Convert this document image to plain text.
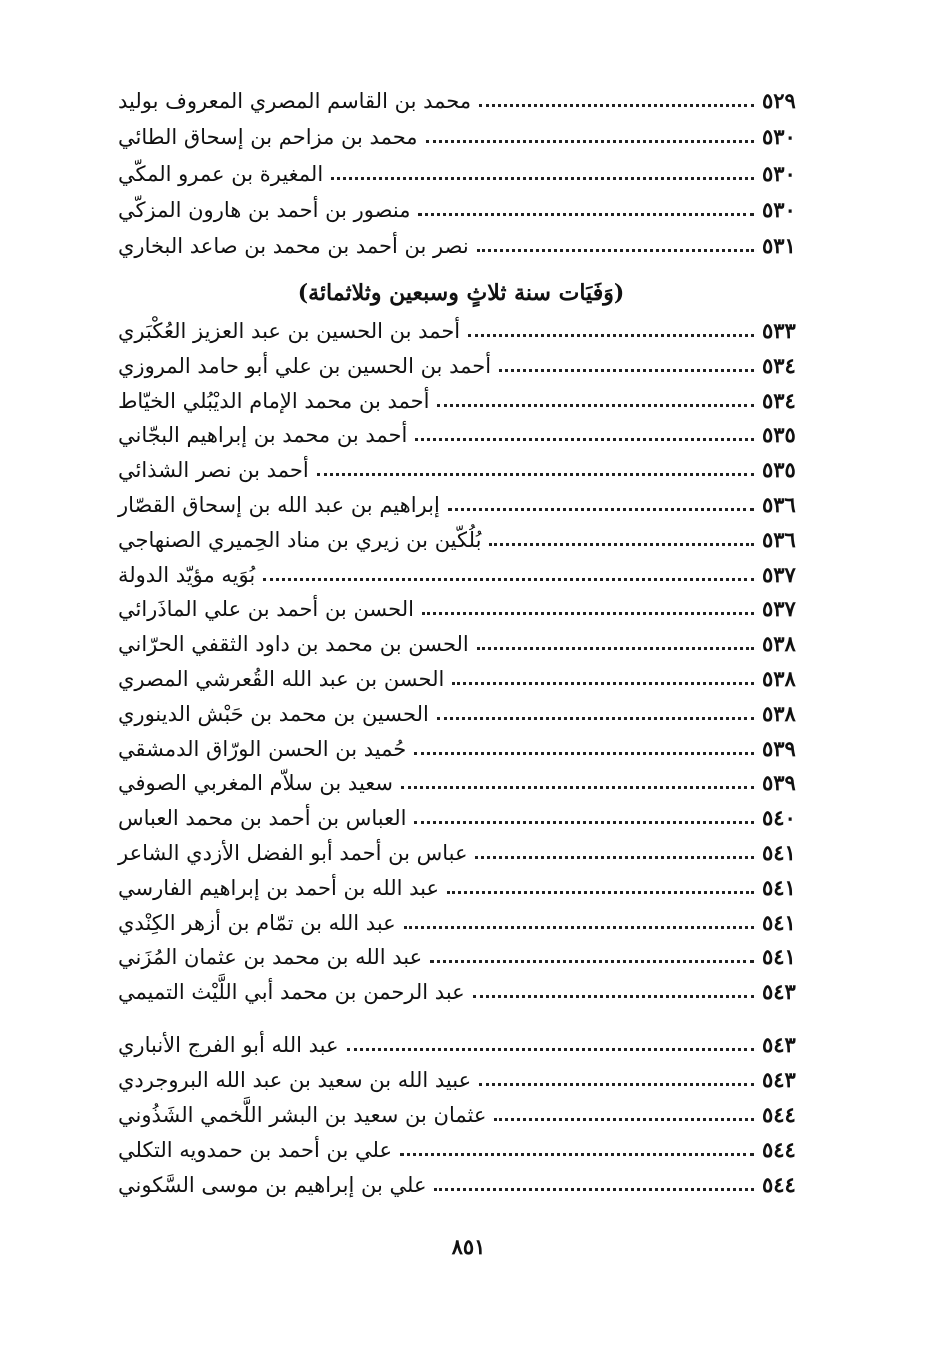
محمد بن القاسم المصري المعروف بوليد	٥٢٩
محمد بن مزاحم بن إسحاق الطائي	٥٣٠
المغيرة بن عمرو المكّي	٥٣٠
منصور بن أحمد بن هارون المزكّي	٥٣٠
نصر بن أحمد بن محمد بن صاعد البخاري	٥٣١
أحمد بن الحسين بن عبد العزيز العُكْبَري	٥٣٣
أحمد بن الحسين بن علي أبو حامد المروزي	٥٣٤
أحمد بن محمد الإمام الديْبُلي الخيّاط	٥٣٤
أحمد بن محمد بن إبراهيم البجّاني	٥٣٥
أحمد بن نصر الشذائي	٥٣٥
إبراهيم بن عبد الله بن إسحاق القصّار	٥٣٦
بُلُكّين بن زيري بن مناد الحِميري الصنهاجي	٥٣٦
بُوَيه مؤيّد الدولة	٥٣٧
الحسن بن أحمد بن علي الماذَرائي	٥٣٧
الحسن بن محمد بن داود الثقفي الحرّاني	٥٣٨
الحسن بن عبد الله القُعرشي المصري	٥٣٨
الحسين بن محمد بن حَبْش الدينوري	٥٣٨
حُميد بن الحسن الورّاق الدمشقي	٥٣٩
سعيد بن سلاّم المغربي الصوفي	٥٣٩
العباس بن أحمد بن محمد العباس	٥٤٠
عباس بن أحمد أبو الفضل الأزدي الشاعر	٥٤١
عبد الله بن أحمد بن إبراهيم الفارسي	٥٤١
عبد الله بن تمّام بن أزهر الكِنْدي	٥٤١
عبد الله بن محمد بن عثمان المُزَني	٥٤١
عبد الرحمن بن محمد أبي اللَّيْث التميمي	٥٤٣
عبد الله أبو الفرج الأنباري	٥٤٣
عبيد الله بن سعيد بن عبد الله البروجردي	٥٤٣
عثمان بن سعيد بن البشر اللَّخمي الشَذُوني	٥٤٤
علي بن أحمد بن حمدويه التكلي	٥٤٤
علي بن إبراهيم بن موسى السَّكوني	٥٤٤
(وَفَيَات سنة ثلاثٍ وسبعين وثلاثمائة)
٨٥١
